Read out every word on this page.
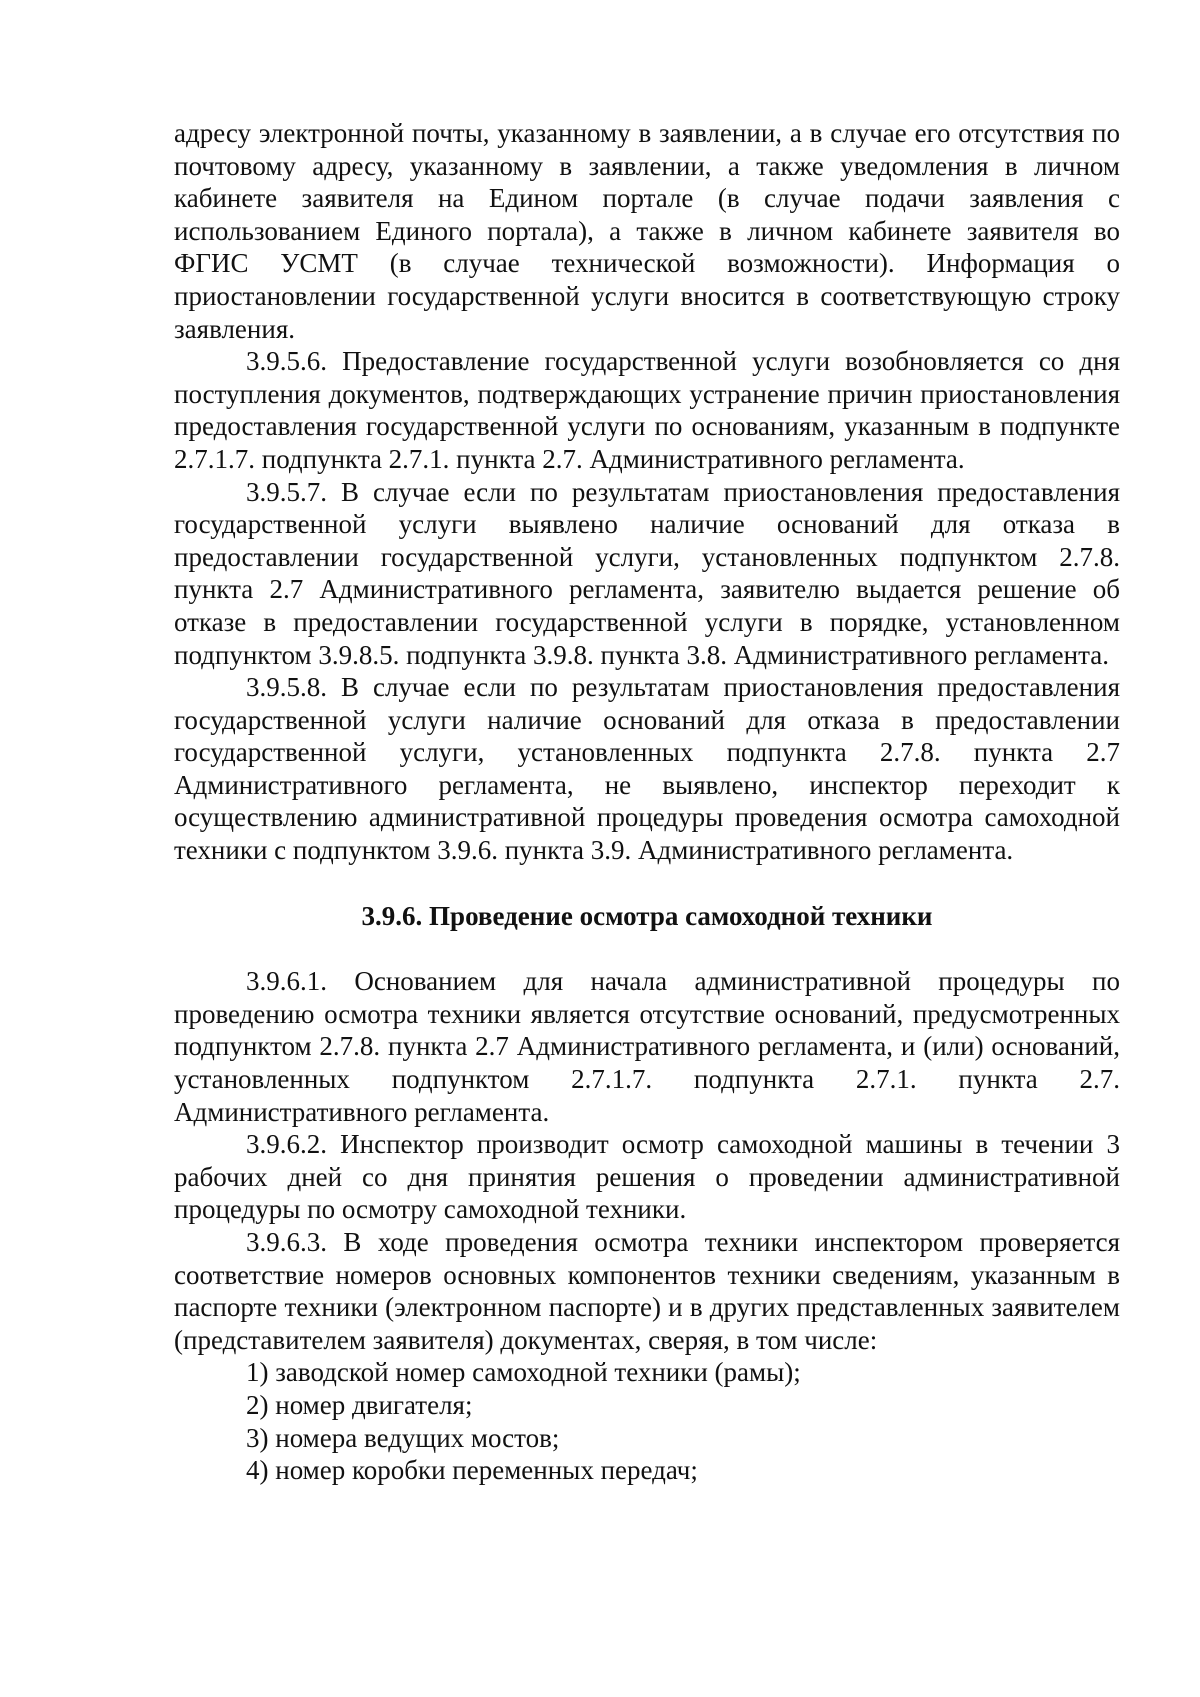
адресу электронной почты, указанному в заявлении, а в случае его отсутствия по почтовому адресу, указанному в заявлении, а также уведомления в личном кабинете заявителя на Едином портале (в случае подачи заявления с использованием Единого портала), а также в личном кабинете заявителя во ФГИС УСМТ (в случае технической возможности). Информация о приостановлении государственной услуги вносится в соответствующую строку заявления.

3.9.5.6. Предоставление государственной услуги возобновляется со дня поступления документов, подтверждающих устранение причин приостановления предоставления государственной услуги по основаниям, указанным в подпункте 2.7.1.7. подпункта 2.7.1. пункта 2.7. Административного регламента.

3.9.5.7. В случае если по результатам приостановления предоставления государственной услуги выявлено наличие оснований для отказа в предоставлении государственной услуги, установленных подпунктом 2.7.8. пункта 2.7 Административного регламента, заявителю выдается решение об отказе в предоставлении государственной услуги в порядке, установленном подпунктом 3.9.8.5. подпункта 3.9.8. пункта 3.8. Административного регламента.

3.9.5.8. В случае если по результатам приостановления предоставления государственной услуги наличие оснований для отказа в предоставлении государственной услуги, установленных подпункта 2.7.8. пункта 2.7 Административного регламента, не выявлено, инспектор переходит к осуществлению административной процедуры проведения осмотра самоходной техники с подпунктом 3.9.6. пункта 3.9. Административного регламента.

3.9.6. Проведение осмотра самоходной техники

3.9.6.1. Основанием для начала административной процедуры по проведению осмотра техники является отсутствие оснований, предусмотренных подпунктом 2.7.8. пункта 2.7 Административного регламента, и (или) оснований, установленных подпунктом 2.7.1.7. подпункта 2.7.1. пункта 2.7. Административного регламента.

3.9.6.2. Инспектор производит осмотр самоходной машины в течении 3 рабочих дней со дня принятия решения о проведении административной процедуры по осмотру самоходной техники.

3.9.6.3. В ходе проведения осмотра техники инспектором проверяется соответствие номеров основных компонентов техники сведениям, указанным в паспорте техники (электронном паспорте) и в других представленных заявителем (представителем заявителя) документах, сверяя, в том числе:

1) заводской номер самоходной техники (рамы);

2) номер двигателя;

3) номера ведущих мостов;

4) номер коробки переменных передач;
